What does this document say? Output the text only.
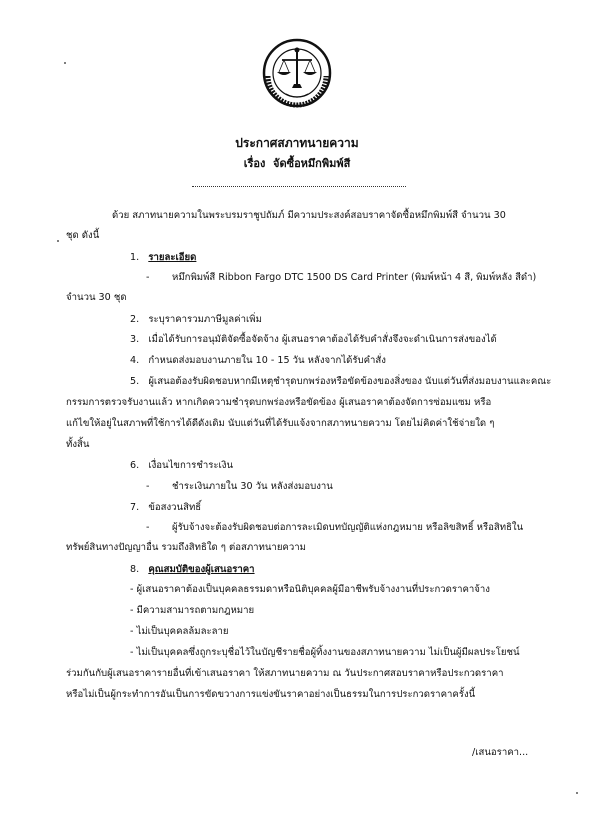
ประกาศสภาทนายความ
เรื่อง จัดซื้อหมึกพิมพ์สี
ด้วย สภาทนายความในพระบรมราชูปถัมภ์ มีความประสงค์สอบราคาจัดซื้อหมึกพิมพ์สี จำนวน 30
ชุด ดังนี้
1. รายละเอียด
- หมึกพิมพ์สี Ribbon Fargo DTC 1500 DS Card Printer (พิมพ์หน้า 4 สี, พิมพ์หลัง สีดำ)
จำนวน 30 ชุด
2. ระบุราคารวมภาษีมูลค่าเพิ่ม
3. เมื่อได้รับการอนุมัติจัดซื้อจัดจ้าง ผู้เสนอราคาต้องได้รับคำสั่งจึงจะดำเนินการส่งของได้
4. กำหนดส่งมอบงานภายใน 10 - 15 วัน หลังจากได้รับคำสั่ง
5. ผู้เสนอต้องรับผิดชอบหากมีเหตุชำรุดบกพร่องหรือขัดข้องของสิ่งของ นับแต่วันที่ส่งมอบงานและคณะ
กรรมการตรวจรับงานแล้ว หากเกิดความชำรุดบกพร่องหรือขัดข้อง ผู้เสนอราคาต้องจัดการซ่อมแซม หรือ
แก้ไขให้อยู่ในสภาพที่ใช้การได้ดีดังเดิม นับแต่วันที่ได้รับแจ้งจากสภาทนายความ โดยไม่คิดค่าใช้จ่ายใด ๆ
ทั้งสิ้น
6. เงื่อนไขการชำระเงิน
- ชำระเงินภายใน 30 วัน หลังส่งมอบงาน
7. ข้อสงวนสิทธิ์
- ผู้รับจ้างจะต้องรับผิดชอบต่อการละเมิดบทบัญญัติแห่งกฎหมาย หรือลิขสิทธิ์ หรือสิทธิใน
ทรัพย์สินทางปัญญาอื่น รวมถึงสิทธิใด ๆ ต่อสภาทนายความ
8. คุณสมบัติของผู้เสนอราคา
- ผู้เสนอราคาต้องเป็นบุคคลธรรมดาหรือนิติบุคคลผู้มีอาชีพรับจ้างงานที่ประกวดราคาจ้าง
- มีความสามารถตามกฎหมาย
- ไม่เป็นบุคคลล้มละลาย
- ไม่เป็นบุคคลซึ่งถูกระบุชื่อไว้ในบัญชีรายชื่อผู้ทิ้งงานของสภาทนายความ ไม่เป็นผู้มีผลประโยชน์
ร่วมกันกับผู้เสนอราคารายอื่นที่เข้าเสนอราคา ให้สภาทนายความ ณ วันประกาศสอบราคาหรือประกวดราคา
หรือไม่เป็นผู้กระทำการอันเป็นการขัดขวางการแข่งขันราคาอย่างเป็นธรรมในการประกวดราคาครั้งนี้
/เสนอราคา...
